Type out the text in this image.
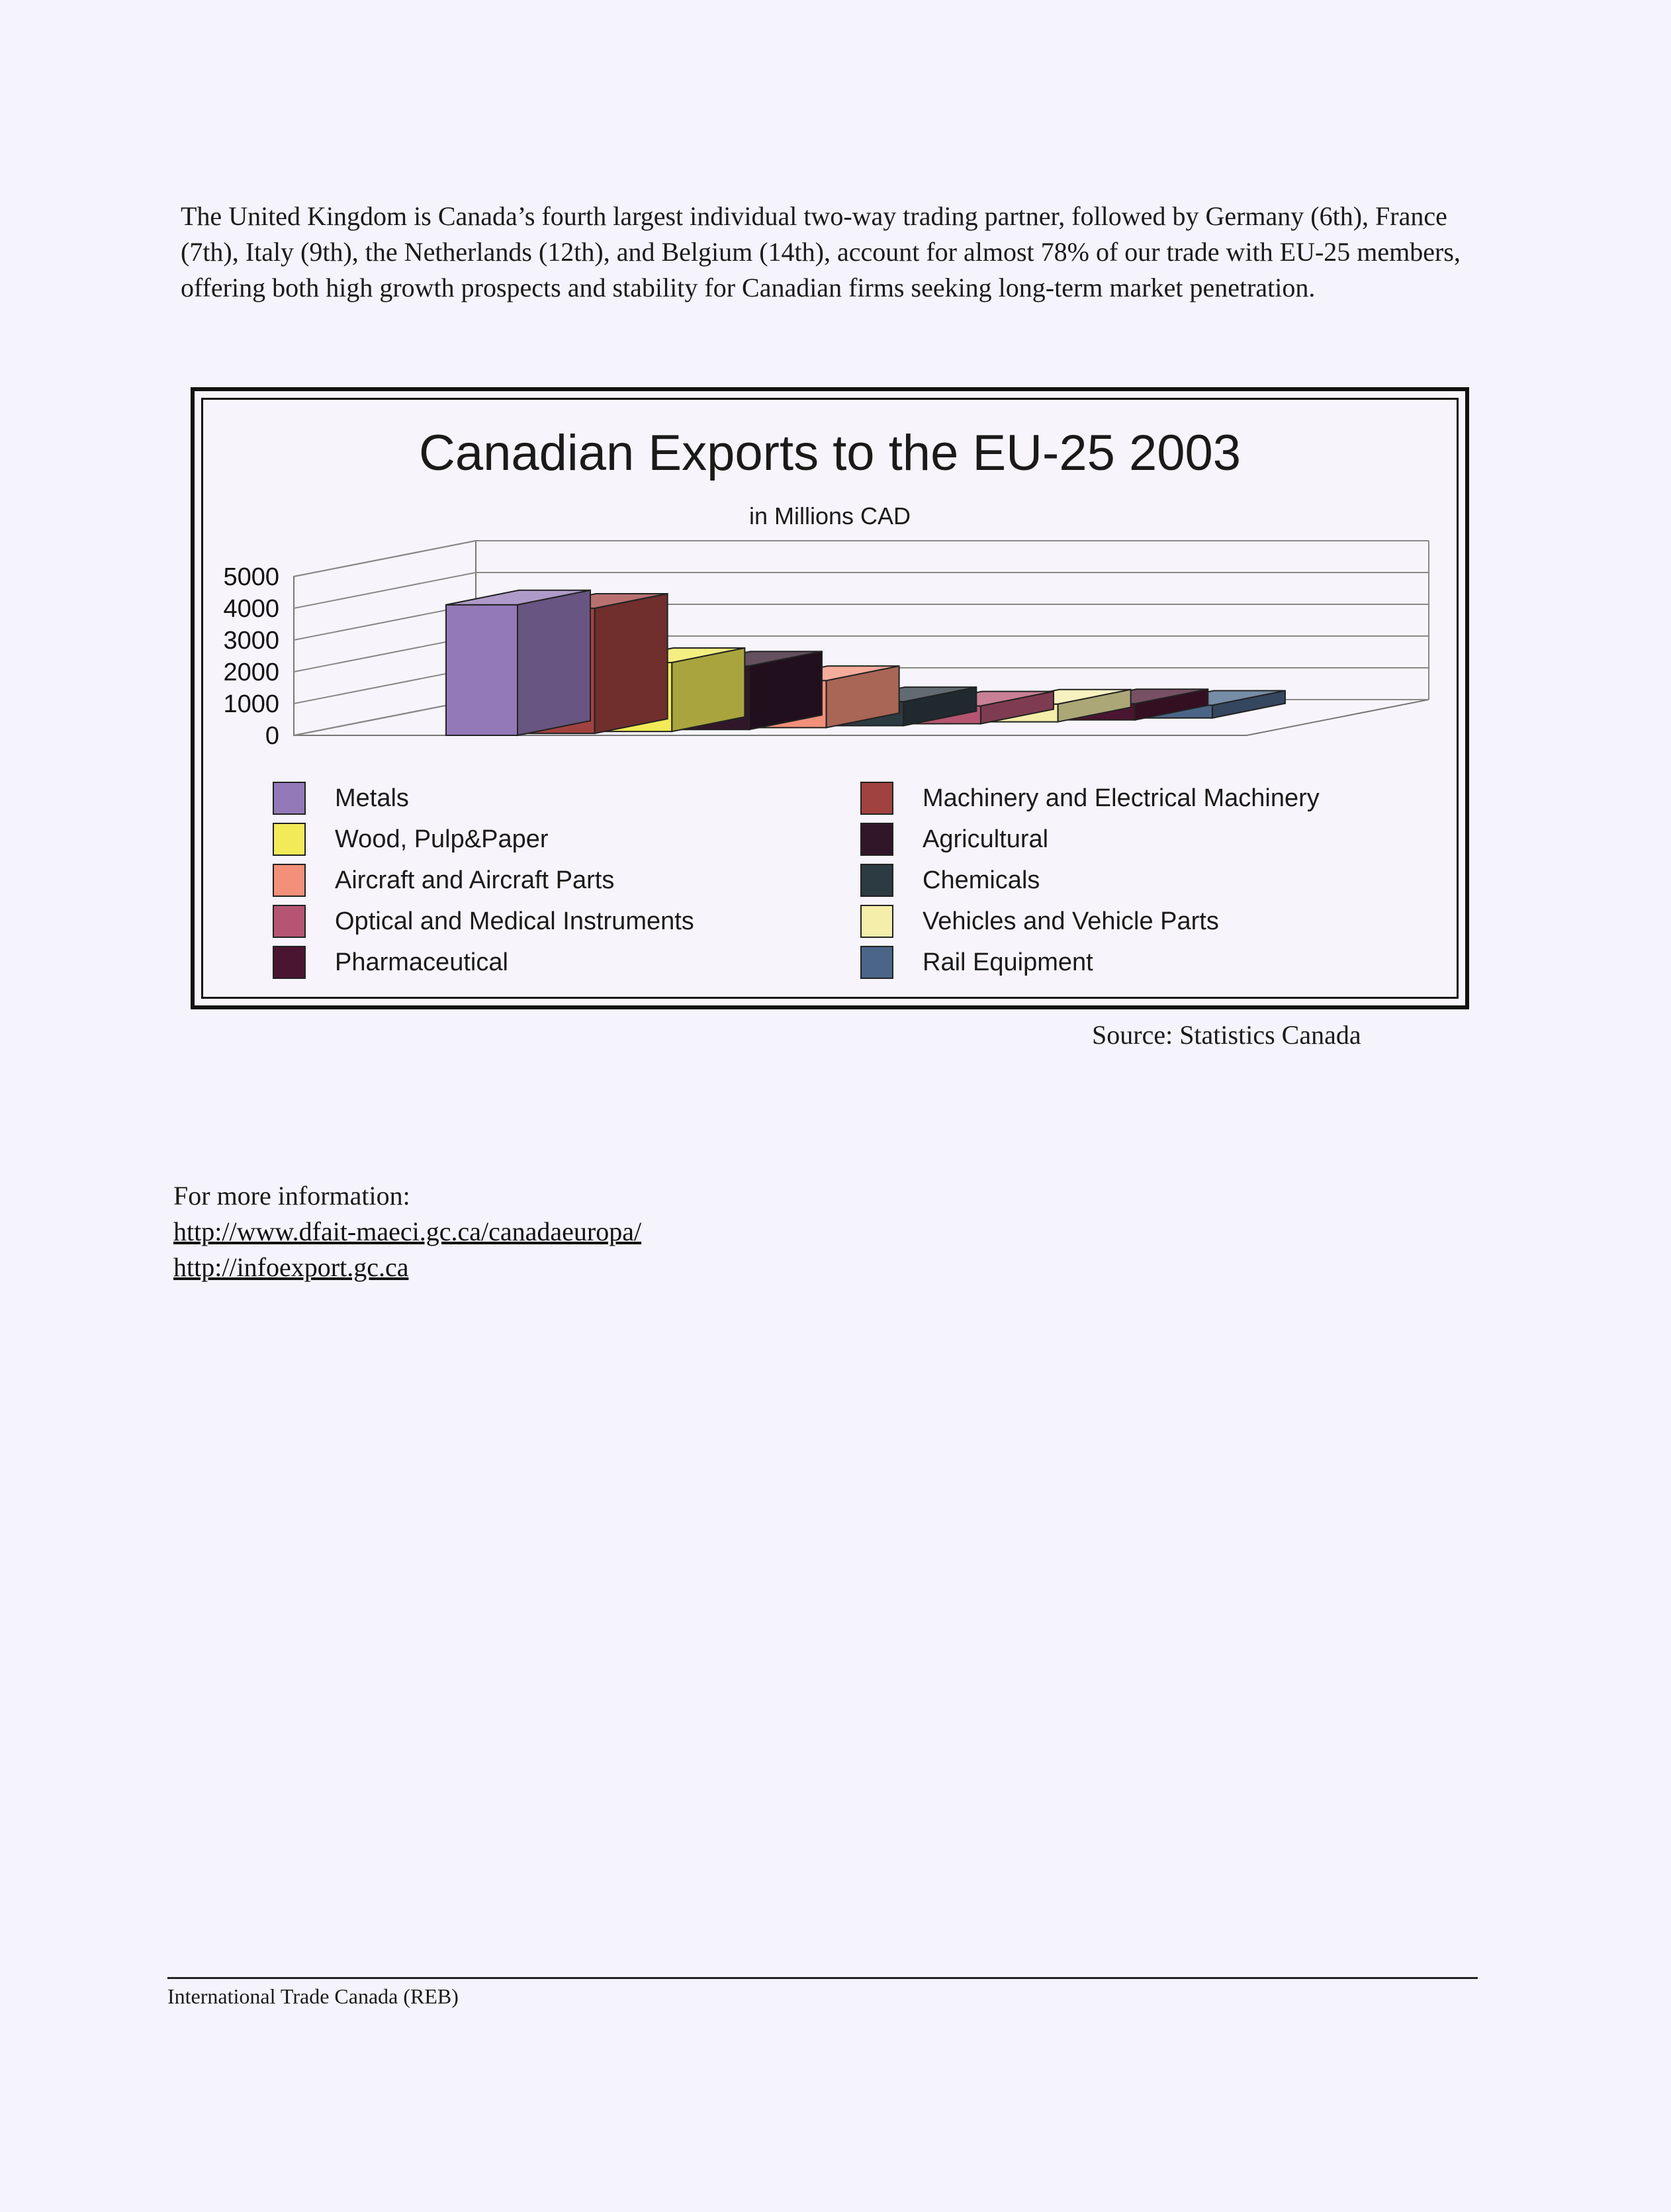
The United Kingdom is Canada’s fourth largest individual two-way trading partner, followed by Germany (6th), France (7th), Italy (9th), the Netherlands (12th), and Belgium (14th), account for almost 78% of our trade with EU-25 members, offering both high growth prospects and stability for Canadian firms seeking long-term market penetration.
Canadian Exports to the EU-25 2003
in Millions CAD
5000
4000
3000
2000
1000
0
Metals
Wood, Pulp&Paper
Aircraft and Aircraft Parts
Optical and Medical Instruments
Pharmaceutical
Machinery and Electrical Machinery
Agricultural
Chemicals
Vehicles and Vehicle Parts
Rail Equipment
Source: Statistics Canada
For more information:
http://www.dfait-maeci.gc.ca/canadaeuropa/
http://infoexport.gc.ca
International Trade Canada (REB)
